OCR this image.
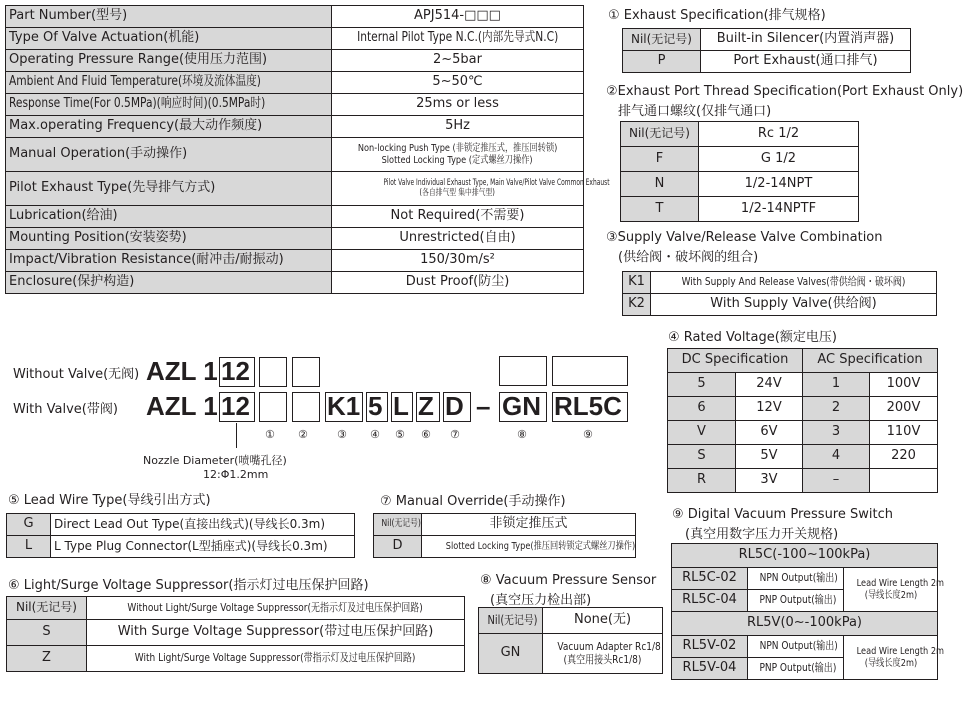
Part Number(型号)	APJ514-□□□
Type Of Valve Actuation(机能)	Internal Pilot Type N.C.(内部先导式N.C)
Operating Pressure Range(使用压力范围)	2~5bar
Ambient And Fluid Temperature(环境及流体温度)	5~50℃
Response Time(For 0.5MPa)(响应时间)(0.5MPa时)	25ms or less
Max.operating Frequency(最大动作频度)	5Hz
Manual Operation(手动操作)	Non-locking Push Type (非锁定推压式，推压回转锁)
Slotted Locking Type (定式螺丝刀操作)
Pilot Exhaust Type(先导排气方式)	Pilot Valve Individual Exhaust Type, Main Valve/Pilot Valve Common Exhaust
(各自排气型 集中排气型)
Lubrication(给油)	Not Required(不需要)
Mounting Position(安装姿势)	Unrestricted(自由)
Impact/Vibration Resistance(耐冲击/耐振动)	150/30m/s²
Enclosure(保护构造)	Dust Proof(防尘)
① Exhaust Specification(排气规格)
Nil(无记号)	Built-in Silencer(内置消声器)
P	Port Exhaust(通口排气)
②Exhaust Port Thread Specification(Port Exhaust Only)
排气通口螺纹(仅排气通口)
Nil(无记号)	Rc 1/2
F	G 1/2
N	1/2-14NPT
T	1/2-14NPTF
③Supply Valve/Release Valve Combination
(供给阀・破坏阀的组合)
K1	With Supply And Release Valves(带供给阀・破坏阀)
K2	With Supply Valve(供给阀)
④ Rated Voltage(额定电压)
DC Specification		AC Specification	
5	24V	1	100V
6	12V	2	200V
V	6V	3	110V
S	5V	4	220
R	3V	–	
Without Valve(无阀)
With Valve(带阀)
AZL 1 12
AZL 1 12	K1 5 L Z D – GN RL5C
① ②	③ ④ ⑤ ⑥ ⑦	⑧	⑨
Nozzle Diameter(喷嘴孔径)
12:Φ1.2mm
⑤ Lead Wire Type(导线引出方式)
G	Direct Lead Out Type(直接出线式)(导线长0.3m)
L	L Type Plug Connector(L型插座式)(导线长0.3m)
⑦ Manual Override(手动操作)
Nil(无记号)	非锁定推压式
D	Slotted Locking Type(推压回转锁定式螺丝刀操作)
⑥ Light/Surge Voltage Suppressor(指示灯过电压保护回路)
Nil(无记号)	Without Light/Surge Voltage Suppressor(无指示灯及过电压保护回路)
S	With Surge Voltage Suppressor(带过电压保护回路)
Z	With Light/Surge Voltage Suppressor(带指示灯及过电压保护回路)
⑧ Vacuum Pressure Sensor
(真空压力检出部)
Nil(无记号)	None(无)
GN	Vacuum Adapter Rc1/8
(真空用接头Rc1/8)
⑨ Digital Vacuum Pressure Switch
(真空用数字压力开关规格)
RL5C(-100~100kPa)		
RL5C-02	NPN Output(输出)	Lead Wire Length 2m
(导线长度2m)
RL5C-04	PNP Output(输出)	
RL5V(0~-100kPa)		
RL5V-02	NPN Output(输出)	Lead Wire Length 2m
(导线长度2m)
RL5V-04	PNP Output(输出)	
